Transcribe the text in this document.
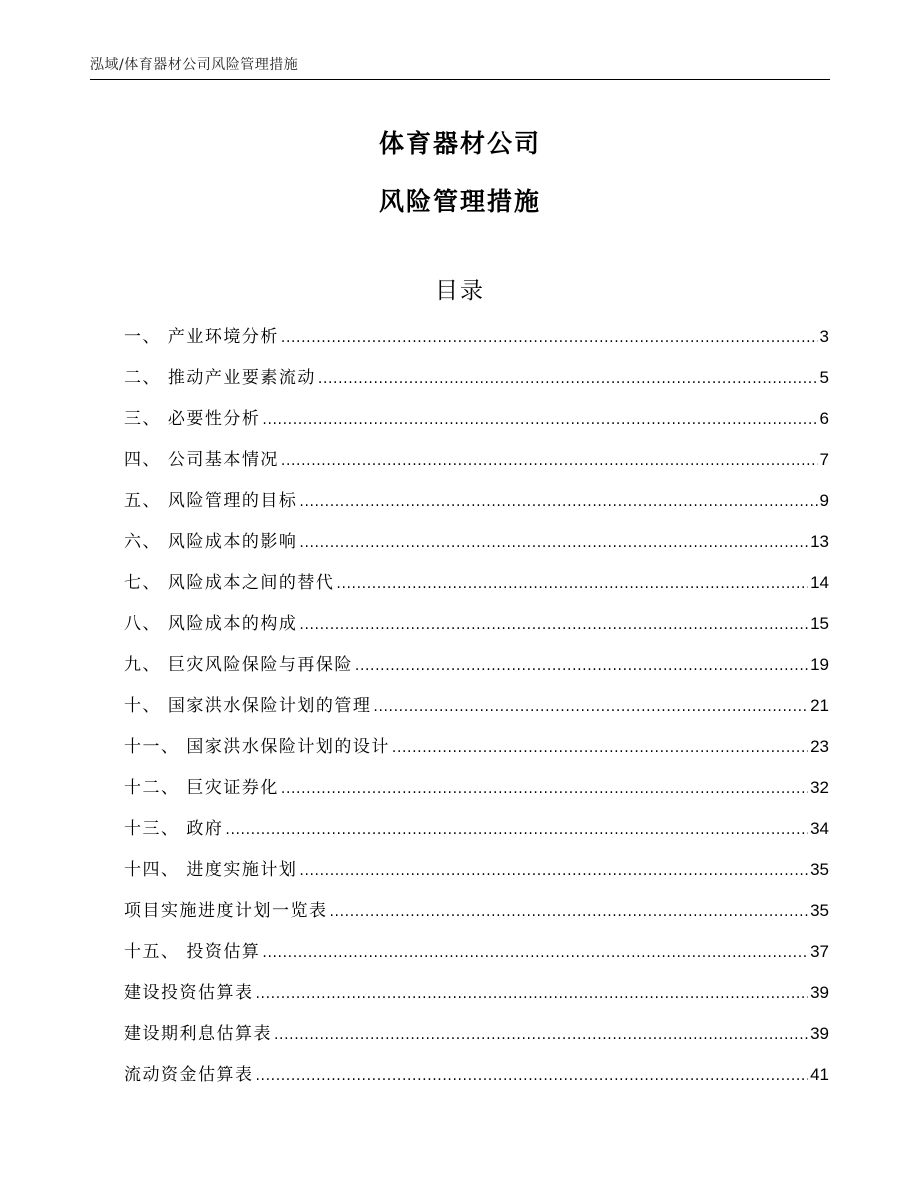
泓域/体育器材公司风险管理措施
体育器材公司
风险管理措施
目录
一、 产业环境分析 .....	3
二、 推动产业要素流动 .....	5
三、 必要性分析 .....	6
四、 公司基本情况 .....	7
五、 风险管理的目标 .....	9
六、 风险成本的影响 .....	13
七、 风险成本之间的替代 .....	14
八、 风险成本的构成 .....	15
九、 巨灾风险保险与再保险 .....	19
十、 国家洪水保险计划的管理 .....	21
十一、 国家洪水保险计划的设计 .....	23
十二、 巨灾证券化 .....	32
十三、 政府 .....	34
十四、 进度实施计划 .....	35
项目实施进度计划一览表 .....	35
十五、 投资估算 .....	37
建设投资估算表 .....	39
建设期利息估算表 .....	39
流动资金估算表 .....	41
